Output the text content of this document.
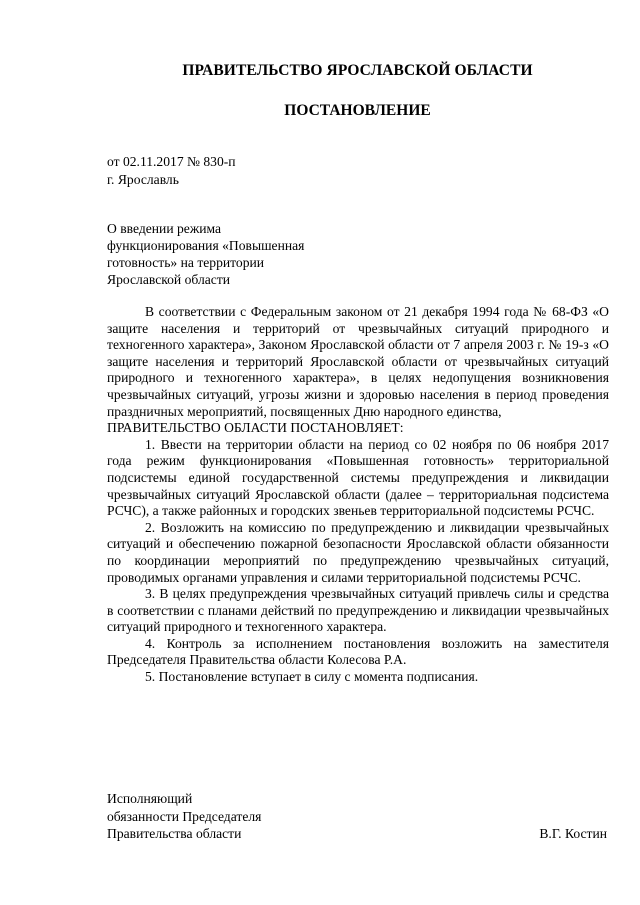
ПРАВИТЕЛЬСТВО ЯРОСЛАВСКОЙ ОБЛАСТИ
ПОСТАНОВЛЕНИЕ
от 02.11.2017 № 830-п
г. Ярославль
О введении режима
функционирования «Повышенная
готовность» на территории
Ярославской области

В соответствии с Федеральным законом от 21 декабря 1994 года № 68-ФЗ «О защите населения и территорий от чрезвычайных ситуаций природного и техногенного характера», Законом Ярославской области от 7 апреля 2003 г. № 19-з «О защите населения и территорий Ярославской области от чрезвычайных ситуаций природного и техногенного характера», в целях недопущения возникновения чрезвычайных ситуаций, угрозы жизни и здоровью населения в период проведения праздничных мероприятий, посвященных Дню народного единства,

ПРАВИТЕЛЬСТВО ОБЛАСТИ ПОСТАНОВЛЯЕТ:

1. Ввести на территории области на период со 02 ноября по 06 ноября 2017 года режим функционирования «Повышенная готовность» территориальной подсистемы единой государственной системы предупреждения и ликвидации чрезвычайных ситуаций Ярославской области (далее – территориальная подсистема РСЧС), а также районных и городских звеньев территориальной подсистемы РСЧС.

2. Возложить на комиссию по предупреждению и ликвидации чрезвычайных ситуаций и обеспечению пожарной безопасности Ярославской области обязанности по координации мероприятий по предупреждению чрезвычайных ситуаций, проводимых органами управления и силами территориальной подсистемы РСЧС.

3. В целях предупреждения чрезвычайных ситуаций привлечь силы и средства в соответствии с планами действий по предупреждению и ликвидации чрезвычайных ситуаций природного и техногенного характера.

4. Контроль за исполнением постановления возложить на заместителя Председателя Правительства области Колесова Р.А.

5. Постановление вступает в силу с момента подписания.

Исполняющий
обязанности Председателя
Правительства области	В.Г. Костин
